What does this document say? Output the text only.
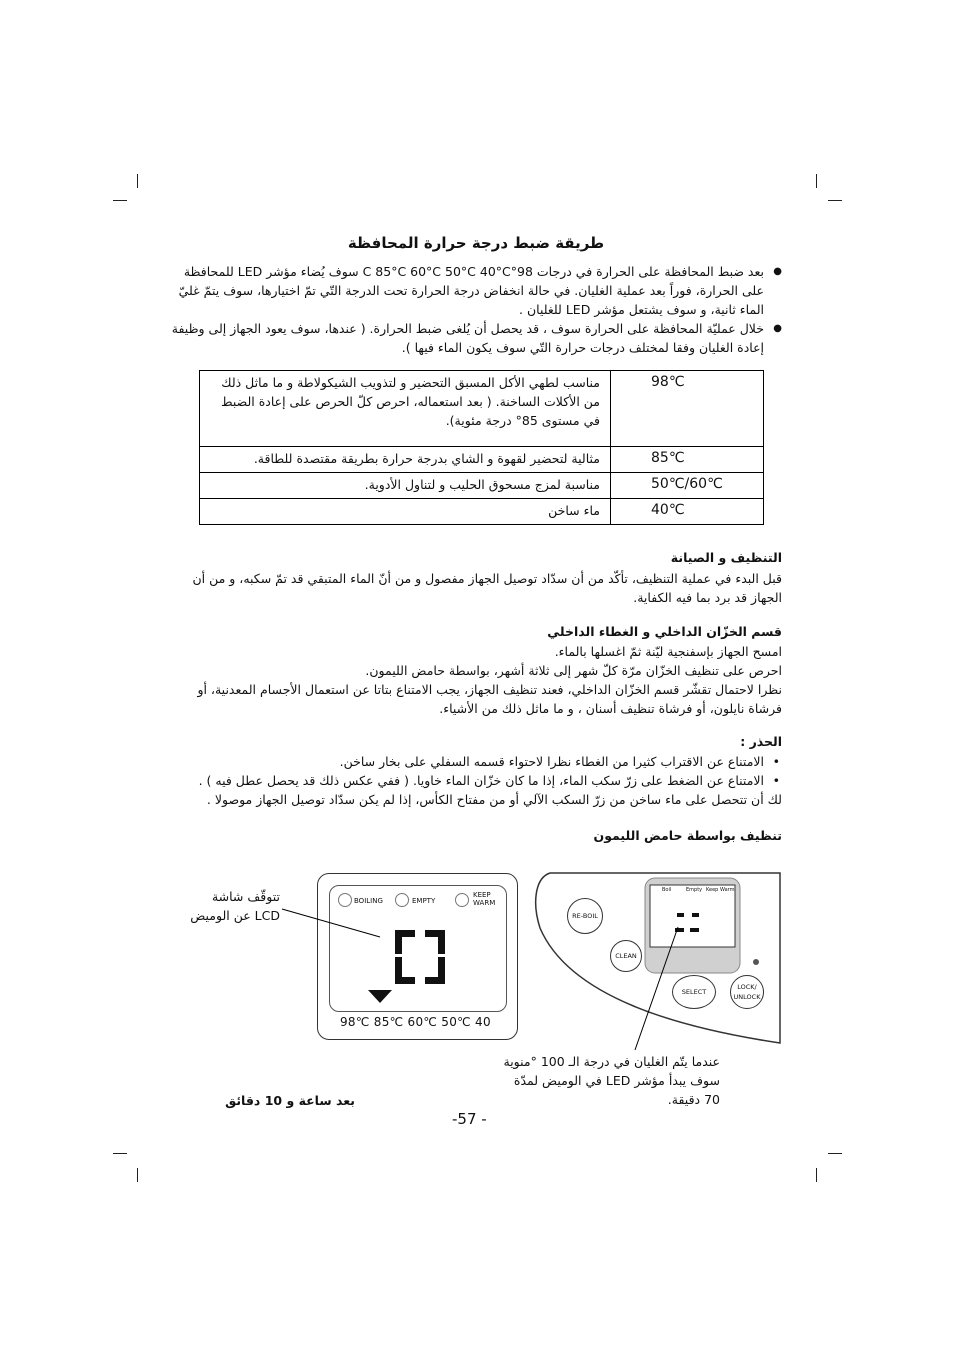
طريقة ضبط درجة حرارة المحافظة
● بعد ضبط المحافظة على الحرارة في درجات 98°C 85°C 60°C 50°C 40°C سوف يُضاء مؤشر LED للمحافظة على الحرارة، فوراً بعد عملية الغليان. في حالة انخفاض درجة الحرارة تحت الدرجة التّي تمّ اختيارها، سوف يتمّ غليّ الماء ثانية، و سوف يشتعل مؤشر LED للغليان .
● خلال عمليّة المحافظة على الحرارة سوف ، قد يحصل أن يُلغى ضبط الحرارة. ( عندها، سوف يعود الجهاز إلى وظيفة إعادة الغليان وفقا لمختلف درجات حرارة التّي سوف يكون الماء فيها ).
98℃	مناسب لطهي الأكل المسبق التحضير و لتذويب الشيكولاطة و ما ماثل ذلك من الأكلات الساخنة. ( بعد استعماله، احرص كلّ الحرص على إعادة الضبط في مستوى 85° درجة مئوية).
85℃	مثالية لتحضير لقهوة و الشاي بدرجة حرارة بطريقة مقتصدة للطاقة.
50℃/60℃	مناسبة لمزج مسحوق الحليب و لتناول الأدوية.
40℃	ماء ساخن
التنظيف و الصيانة
قبل البدء في عملية التنظيف، تأكّد من أن سدّاد توصيل الجهاز مفصول و من أنّ الماء المتبقي قد تمّ سكبه، و من أن الجهاز قد برد بما فيه الكفاية.
قسم الخزّان الداخلي و الغطاء الداخلي
امسح الجهاز بإسفنجية ليّنة ثمّ اغسلها بالماء.
احرص على تنظيف الخزّان مرّة كلّ شهر إلى ثلاثة أشهر، بواسطة حامض الليمون.
نظرا لاحتمال تقشّر قسم الخزّان الداخلي، فعند تنظيف الجهاز، يجب الامتناع بتاتا عن استعمال الأجسام المعدنية، أو فرشاة نايلون، أو فرشاة تنظيف أسنان ، و ما ماثل ذلك من الأشياء.
الحذر :
• الامتناع عن الاقتراب كثيرا من الغطاء نظرا لاحتواء قسمه السفلي على بخار ساخن.
• الامتناع عن الضغط على زرّ سكب الماء، إذا ما كان خزّان الماء خاويا. ( ففي عكس ذلك قد يحصل عطل فيه ) .
لك أن تتحصل على ماء ساخن من زرّ السكب الآلي أو من مفتاح الكأس، إذا لم يكن سدّاد توصيل الجهاز موصولا .
تنظيف بواسطة حامض الليمون
BOILING	EMPTY
KEEP WARM
98℃ 85℃ 60℃ 50℃ 40
تتوقّف شاشة
LCD عن الوميض
Boil	Empty Keep Warm
RE-BOIL
CLEAN
SELECT
LOCK/ UNLOCK
عندما يتّم الغليان في درجة الـ 100 °منوية
سوف يبدأ مؤشر LED في الوميض لمدّة
70 دقيقة.
بعد ساعة و 10 دقائق
-57 -
